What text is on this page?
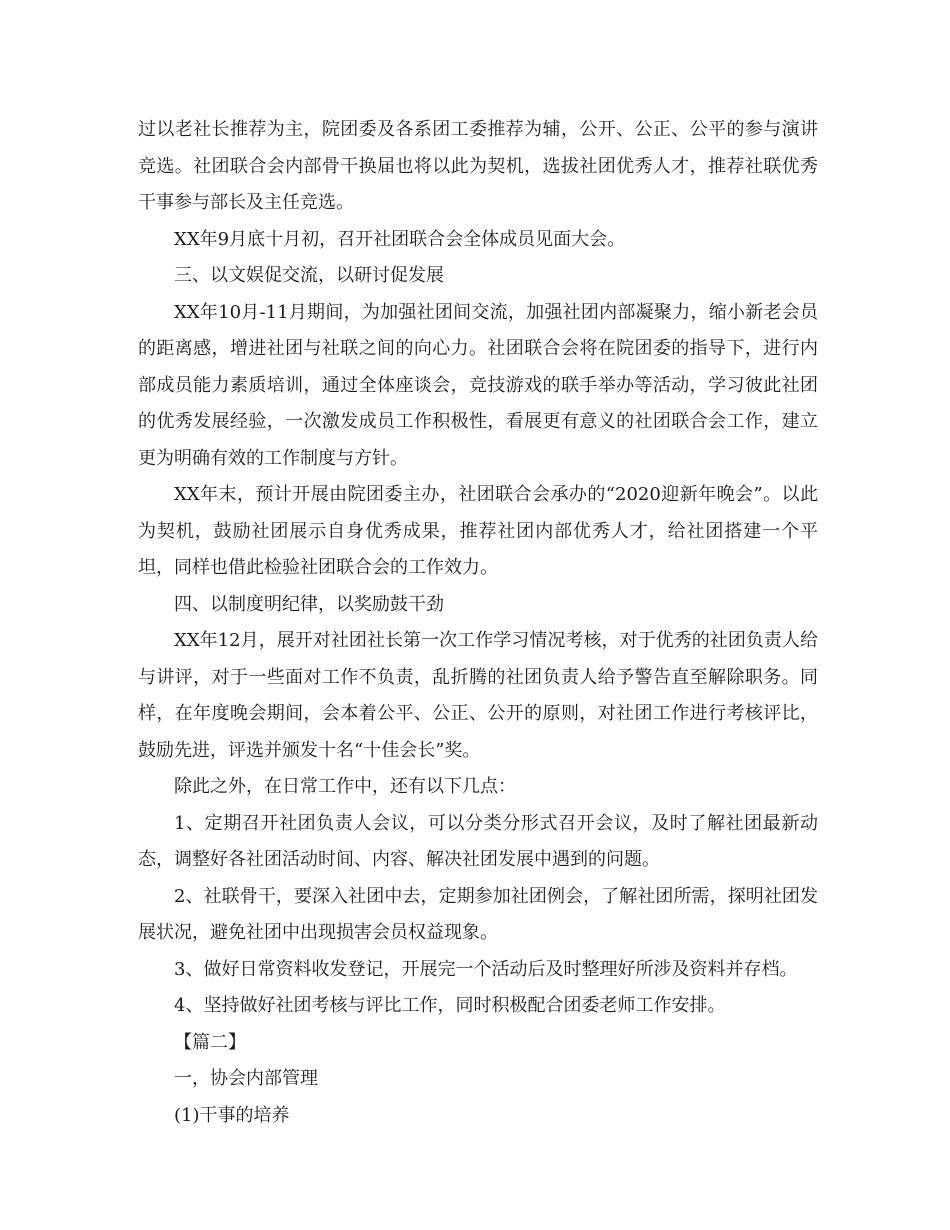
过以老社长推荐为主，院团委及各系团工委推荐为辅，公开、公正、公平的参与演讲竞选。社团联合会内部骨干换届也将以此为契机，选拔社团优秀人才，推荐社联优秀干事参与部长及主任竞选。

XX年9月底十月初，召开社团联合会全体成员见面大会。

三、以文娱促交流，以研讨促发展

XX年10月-11月期间，为加强社团间交流，加强社团内部凝聚力，缩小新老会员的距离感，增进社团与社联之间的向心力。社团联合会将在院团委的指导下，进行内部成员能力素质培训，通过全体座谈会，竞技游戏的联手举办等活动，学习彼此社团的优秀发展经验，一次激发成员工作积极性，看展更有意义的社团联合会工作，建立更为明确有效的工作制度与方针。

XX年末，预计开展由院团委主办，社团联合会承办的“2020迎新年晚会”。以此为契机，鼓励社团展示自身优秀成果，推荐社团内部优秀人才，给社团搭建一个平坦，同样也借此检验社团联合会的工作效力。

四、以制度明纪律，以奖励鼓干劲

XX年12月，展开对社团社长第一次工作学习情况考核，对于优秀的社团负责人给与讲评，对于一些面对工作不负责，乱折腾的社团负责人给予警告直至解除职务。同样，在年度晚会期间，会本着公平、公正、公开的原则，对社团工作进行考核评比，鼓励先进，评选并颁发十名“十佳会长”奖。

除此之外，在日常工作中，还有以下几点：

1、定期召开社团负责人会议，可以分类分形式召开会议，及时了解社团最新动态，调整好各社团活动时间、内容、解决社团发展中遇到的问题。

2、社联骨干，要深入社团中去，定期参加社团例会，了解社团所需，探明社团发展状况，避免社团中出现损害会员权益现象。

3、做好日常资料收发登记，开展完一个活动后及时整理好所涉及资料并存档。

4、坚持做好社团考核与评比工作，同时积极配合团委老师工作安排。

【篇二】

一，协会内部管理

(1)干事的培养
